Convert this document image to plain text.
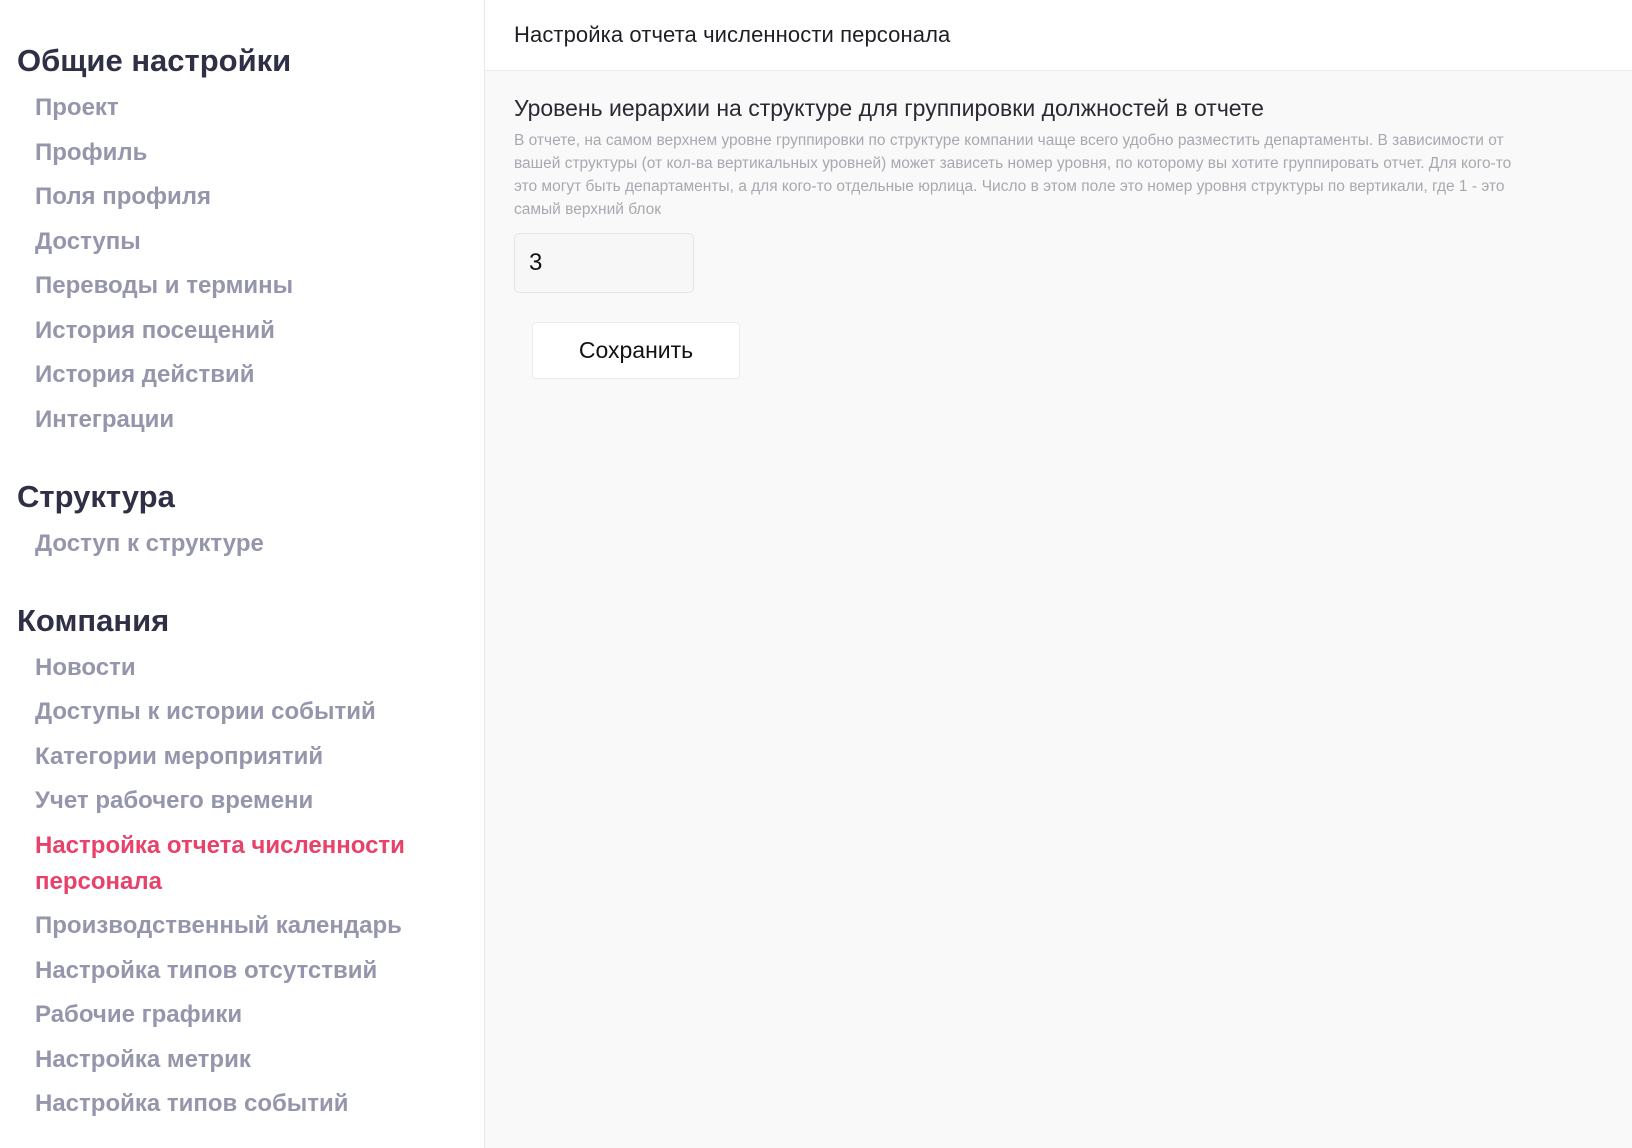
Общие настройки
Проект
Профиль
Поля профиля
Доступы
Переводы и термины
История посещений
История действий
Интеграции
Структура
Доступ к структуре
Компания
Новости
Доступы к истории событий
Категории мероприятий
Учет рабочего времени
Настройка отчета численности персонала
Производственный календарь
Настройка типов отсутствий
Рабочие графики
Настройка метрик
Настройка типов событий
Настройка отчета численности персонала
Уровень иерархии на структуре для группировки должностей в отчете
В отчете, на самом верхнем уровне группировки по структуре компании чаще всего удобно разместить департаменты. В зависимости от вашей структуры (от кол-ва вертикальных уровней) может зависеть номер уровня, по которому вы хотите группировать отчет. Для кого-то это могут быть департаменты, а для кого-то отдельные юрлица. Число в этом поле это номер уровня структуры по вертикали, где 1 - это самый верхний блок
3 Сохранить
